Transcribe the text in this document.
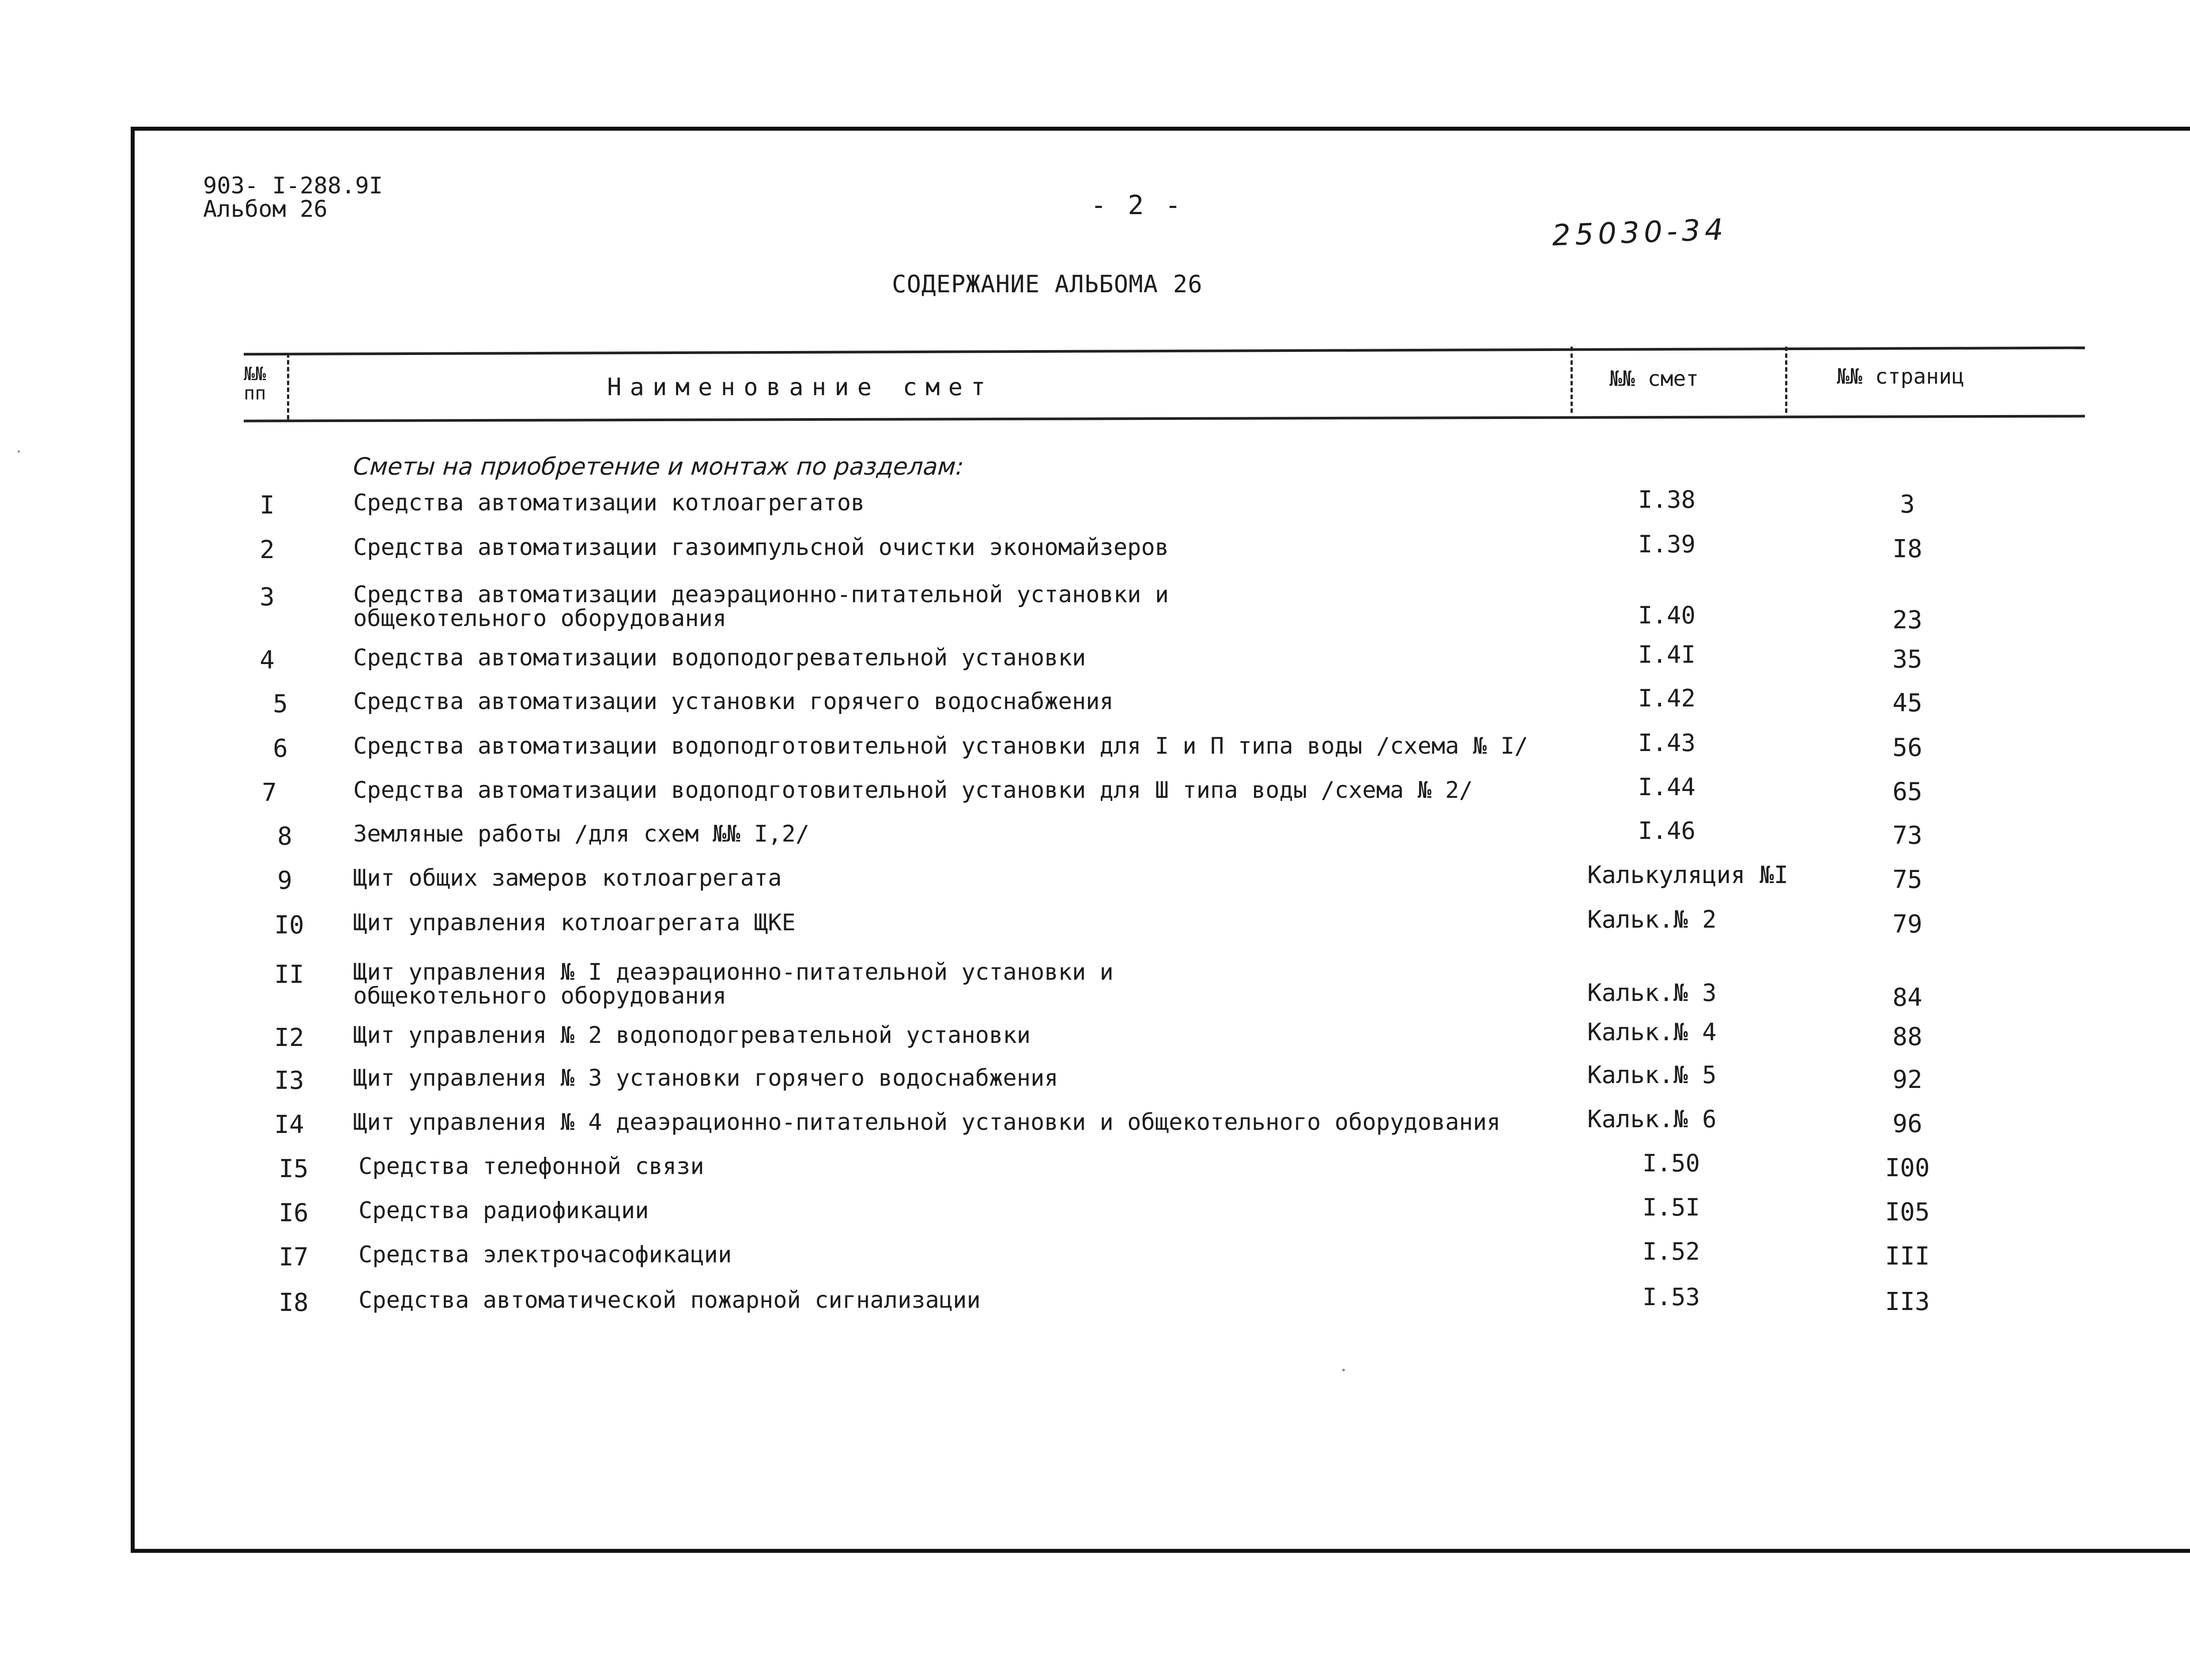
903- I-288.9I
Альбом 26	- 2 -
25030-34
СОДЕРЖАНИЕ АЛЬБОМА 26
№№
пп	Наименование смет	№№ смет	№№ страниц
Сметы на приобретение и монтаж по разделам:
I	Средства автоматизации котлоагрегатов	I.38	3
2	Средства автоматизации газоимпульсной очистки экономайзеров	I.39	I8
3	Средства автоматизации деаэрационно-питательной установки и
общекотельного оборудования	I.40	23
4	Средства автоматизации водоподогревательной установки	I.4I	35
5	Средства автоматизации установки горячего водоснабжения	I.42	45
6	Средства автоматизации водоподготовительной установки для I и П типа воды /схема № I/	I.43	56
7	Средства автоматизации водоподготовительной установки для Ш типа воды /схема № 2/	I.44	65
8	Земляные работы /для схем №№ I,2/	I.46	73
9	Щит общих замеров котлоагрегата	Калькуляция №I	75
I0	Щит управления котлоагрегата ЩКЕ	Кальк.№ 2	79
II	Щит управления № I деаэрационно-питательной установки и
общекотельного оборудования	Кальк.№ 3	84
I2	Щит управления № 2 водоподогревательной установки	Кальк.№ 4	88
I3	Щит управления № 3 установки горячего водоснабжения	Кальк.№ 5	92
I4	Щит управления № 4 деаэрационно-питательной установки и общекотельного оборудования	Кальк.№ 6	96
I5	Средства телефонной связи	I.50	I00
I6	Средства радиофикации	I.5I	I05
I7	Средства электрочасофикации	I.52	III
I8	Средства автоматической пожарной сигнализации	I.53	II3
